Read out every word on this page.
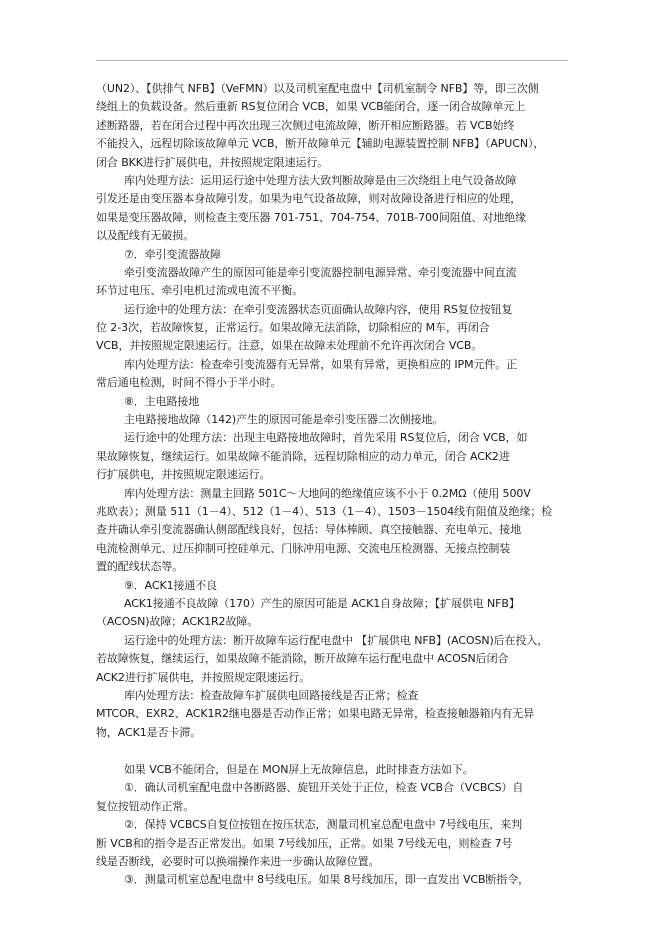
（UN2）、【供排气 NFB】（VeFMN）以及司机室配电盘中【司机室制令 NFB】等，即三次侧
绕组上的负载设备。然后重新 RS复位闭合 VCB，如果 VCB能闭合，逐一闭合故障单元上
述断路器，若在闭合过程中再次出现三次侧过电流故障，断开相应断路器。若 VCB始终
不能投入，远程切除该故障单元 VCB，断开故障单元【辅助电源装置控制 NFB】（APUCN），
闭合 BKK进行扩展供电，并按照规定限速运行。
库内处理方法：运用运行途中处理方法大致判断故障是由三次绕组上电气设备故障
引发还是由变压器本身故障引发。如果为电气设备故障，则对故障设备进行相应的处理，
如果是变压器故障，则检查主变压器 701-751、704-754、701B-700间阻值、对地绝缘
以及配线有无破损。
⑦．牵引变流器故障
牵引变流器故障产生的原因可能是牵引变流器控制电源异常、牵引变流器中间直流
环节过电压、牵引电机过流或电流不平衡。
运行途中的处理方法：在牵引变流器状态页面确认故障内容，使用 RS复位按钮复
位 2-3次，若故障恢复，正常运行。如果故障无法消除，切除相应的 M车，再闭合
VCB，并按照规定限速运行。注意，如果在故障未处理前不允许再次闭合 VCB。
库内处理方法：检查牵引变流器有无异常，如果有异常，更换相应的 IPM元件。正
常后通电检测，时间不得小于半小时。
⑧．主电路接地
主电路接地故障（142)产生的原因可能是牵引变压器二次侧接地。
运行途中的处理方法：出现主电路接地故障时，首先采用 RS复位后，闭合 VCB，如
果故障恢复，继续运行。如果故障不能消除，远程切除相应的动力单元，闭合 ACK2进
行扩展供电，并按照规定限速运行。
库内处理方法：测量主回路 501C～大地间的绝缘值应该不小于 0.2MΩ（使用 500V
兆欧表）；测量 511（1－4）、512（1－4）、513（1－4）、1503－1504线有阻值及绝缘；检
查并确认牵引变流器确认侧部配线良好，包括：导体棒顾、真空接触器、充电单元、接地
电流检测单元、过压抑制可控硅单元、门脉冲用电源、交流电压检测器、无接点控制装
置的配线状态等。
⑨．ACK1接通不良
ACK1接通不良故障（170）产生的原因可能是 ACK1自身故障；【扩展供电 NFB】
（ACOSN)故障；ACK1R2故障。
运行途中的处理方法：断开故障车运行配电盘中 【扩展供电 NFB】(ACOSN)后在投入，
若故障恢复，继续运行，如果故障不能消除，断开故障车运行配电盘中 ACOSN后闭合
ACK2进行扩展供电，并按照规定限速运行。
库内处理方法：检查故障车扩展供电回路接线是否正常；检查
MTCOR、EXR2、ACK1R2继电器是否动作正常；如果电路无异常，检查接触器箱内有无异
物，ACK1是否卡滞。
如果 VCB不能闭合，但是在 MON屏上无故障信息，此时排查方法如下。
①．确认司机室配电盘中各断路器、旋钮开关处于正位，检查 VCB合（VCBCS）自
复位按钮动作正常。
②．保持 VCBCS自复位按钮在按压状态，测量司机室总配电盘中 7号线电压，来判
断 VCB和的指令是否正常发出。如果 7号线加压，正常。如果 7号线无电，则检查 7号
线是否断线，必要时可以换端操作来进一步确认故障位置。
③．测量司机室总配电盘中 8号线电压。如果 8号线加压，即一直发出 VCB断指令，
